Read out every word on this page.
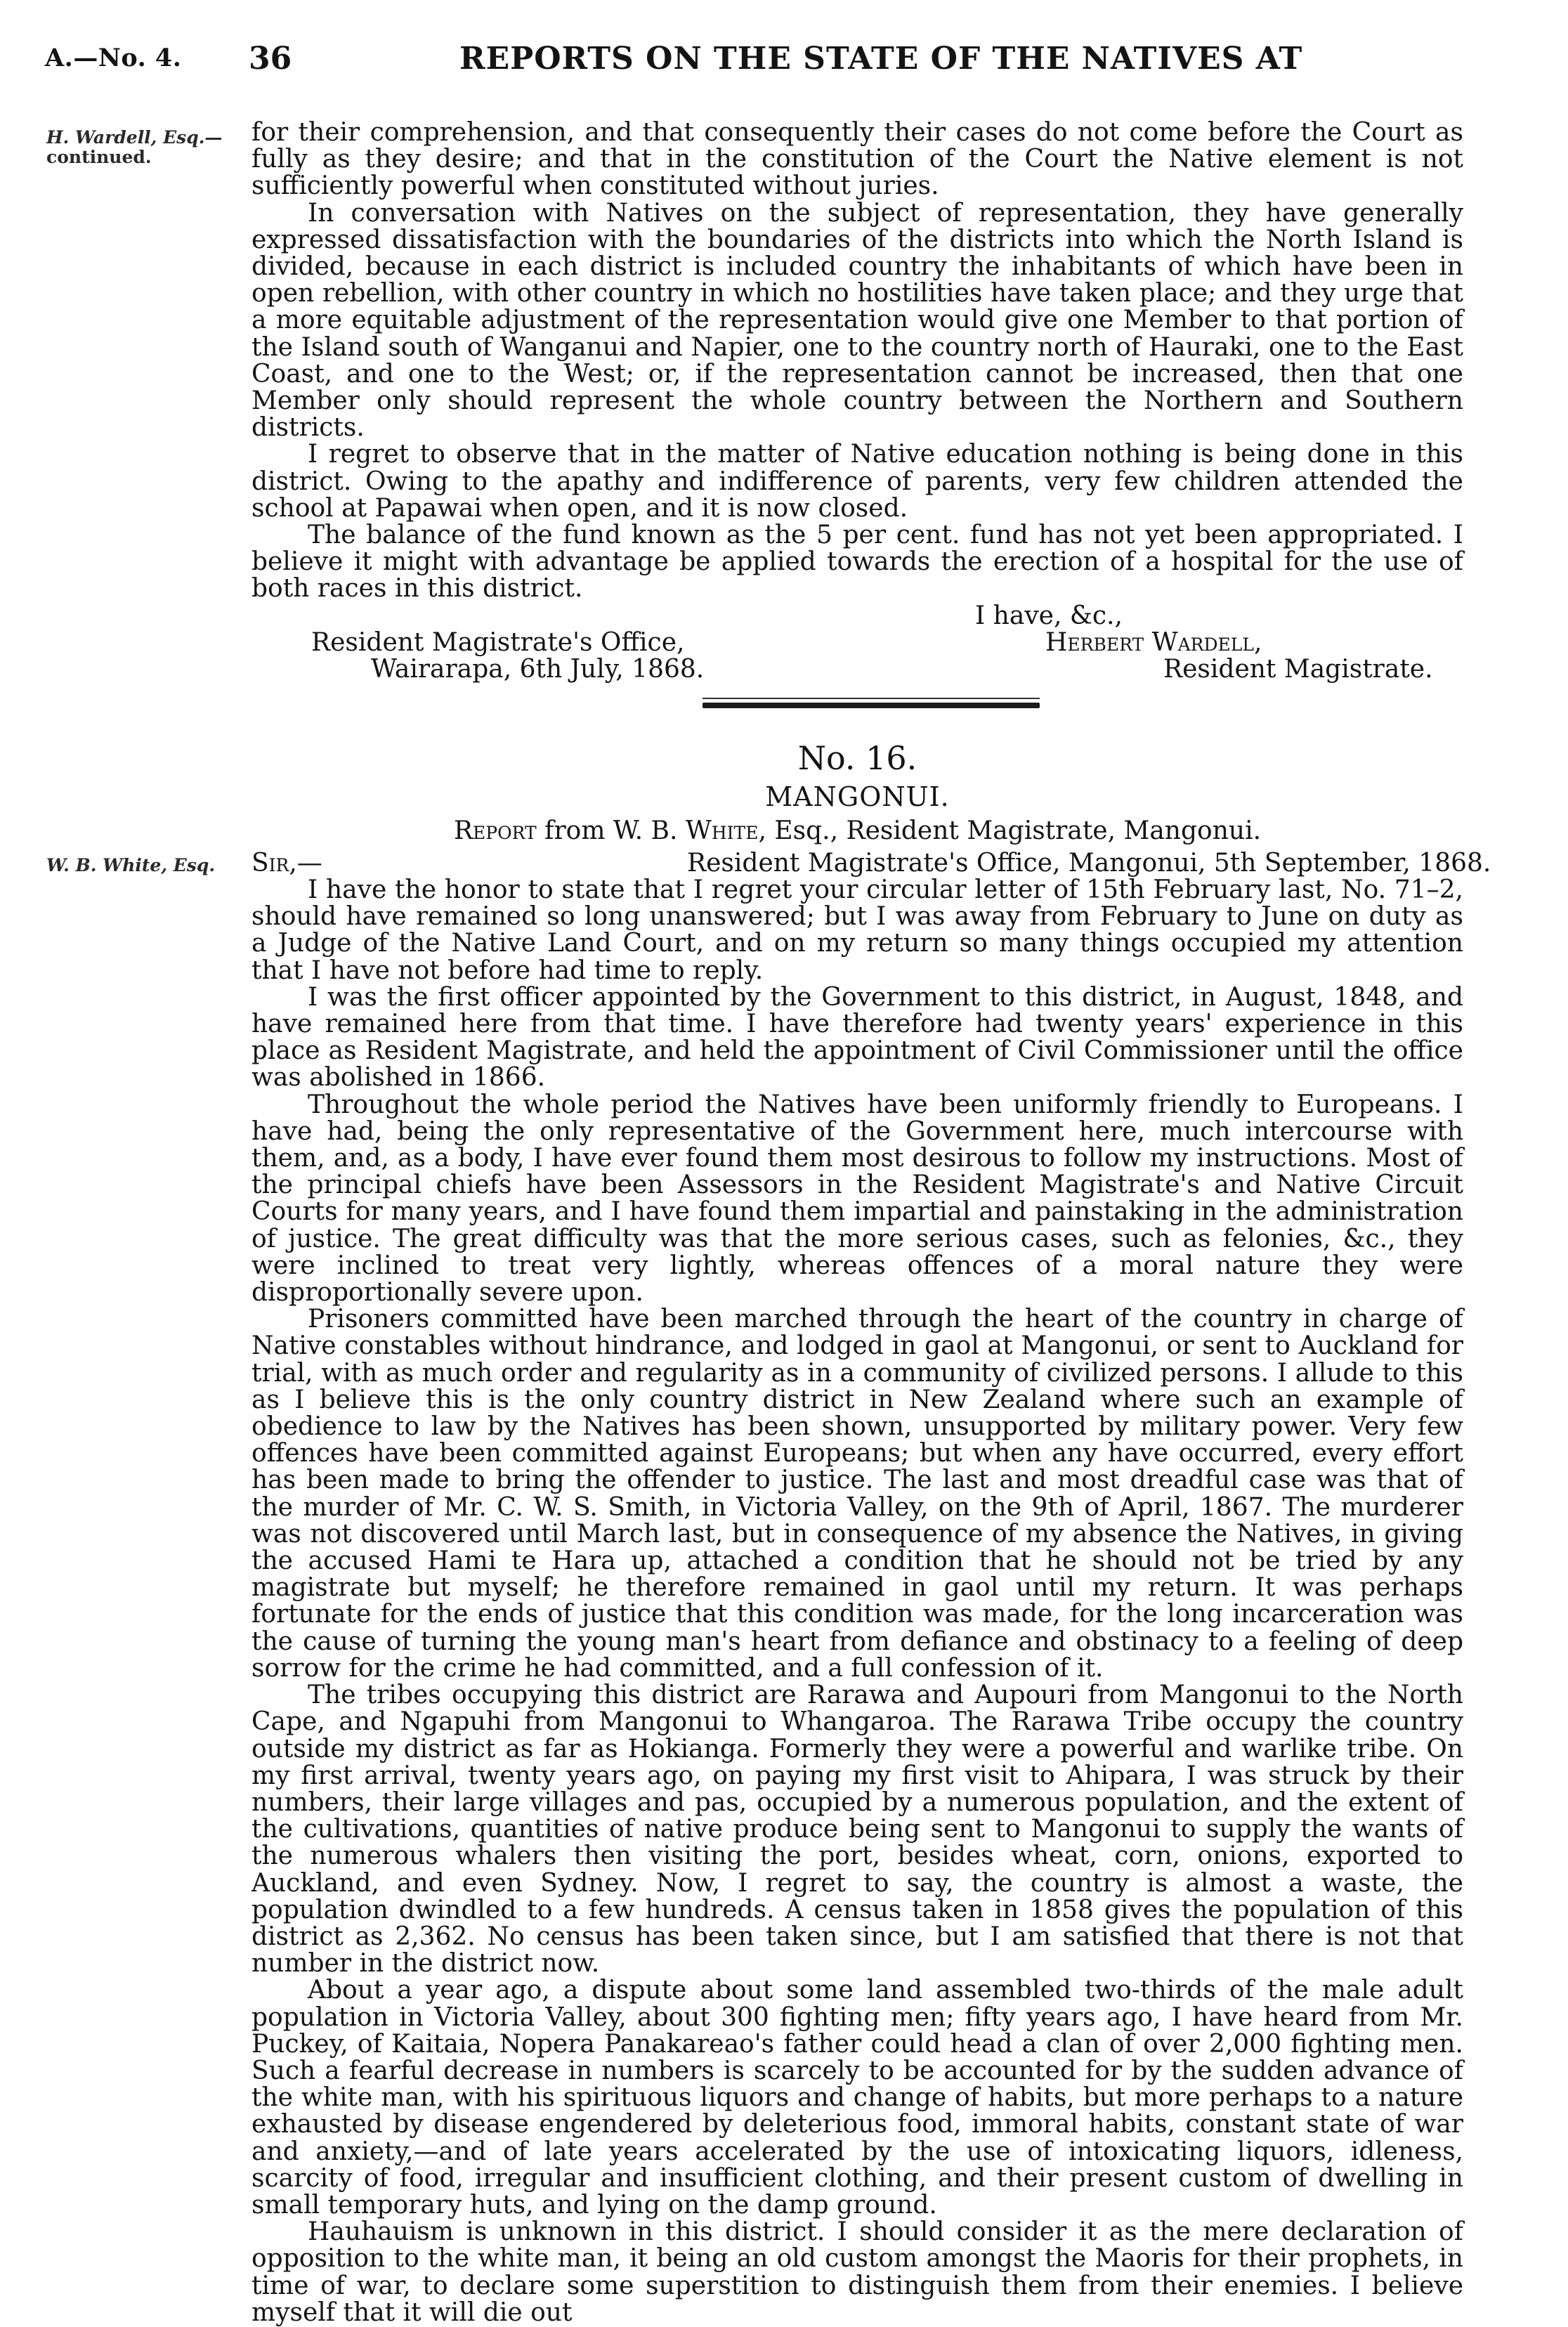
A.—No. 4. 36	REPORTS ON THE STATE OF THE NATIVES AT
H. Wardell, Esq.—
continued.

for their comprehension, and that consequently their cases do not come before the Court as fully as they desire; and that in the constitution of the Court the Native element is not sufficiently powerful when constituted without juries.

In conversation with Natives on the subject of representation, they have generally expressed dissatisfaction with the boundaries of the districts into which the North Island is divided, because in each district is included country the inhabitants of which have been in open rebellion, with other country in which no hostilities have taken place; and they urge that a more equitable adjustment of the representation would give one Member to that portion of the Island south of Wanganui and Napier, one to the country north of Hauraki, one to the East Coast, and one to the West; or, if the representation cannot be increased, then that one Member only should represent the whole country between the Northern and Southern districts.

I regret to observe that in the matter of Native education nothing is being done in this district. Owing to the apathy and indifference of parents, very few children attended the school at Papawai when open, and it is now closed.

The balance of the fund known as the 5 per cent. fund has not yet been appropriated. I believe it might with advantage be applied towards the erection of a hospital for the use of both races in this district.

I have, &c.,
Resident Magistrate's Office,	Herbert Wardell,
Wairarapa, 6th July, 1868.	Resident Magistrate.
No. 16.
MANGONUI.
Report from W. B. White, Esq., Resident Magistrate, Mangonui.
W. B. White, Esq. Sir,—	Resident Magistrate's Office, Mangonui, 5th September, 1868.

I have the honor to state that I regret your circular letter of 15th February last, No. 71–2, should have remained so long unanswered; but I was away from February to June on duty as a Judge of the Native Land Court, and on my return so many things occupied my attention that I have not before had time to reply.

I was the first officer appointed by the Government to this district, in August, 1848, and have remained here from that time. I have therefore had twenty years' experience in this place as Resident Magistrate, and held the appointment of Civil Commissioner until the office was abolished in 1866.

Throughout the whole period the Natives have been uniformly friendly to Europeans. I have had, being the only representative of the Government here, much intercourse with them, and, as a body, I have ever found them most desirous to follow my instructions. Most of the principal chiefs have been Assessors in the Resident Magistrate's and Native Circuit Courts for many years, and I have found them impartial and painstaking in the administration of justice. The great difficulty was that the more serious cases, such as felonies, &c., they were inclined to treat very lightly, whereas offences of a moral nature they were disproportionally severe upon.

Prisoners committed have been marched through the heart of the country in charge of Native constables without hindrance, and lodged in gaol at Mangonui, or sent to Auckland for trial, with as much order and regularity as in a community of civilized persons. I allude to this as I believe this is the only country district in New Zealand where such an example of obedience to law by the Natives has been shown, unsupported by military power. Very few offences have been committed against Europeans; but when any have occurred, every effort has been made to bring the offender to justice. The last and most dreadful case was that of the murder of Mr. C. W. S. Smith, in Victoria Valley, on the 9th of April, 1867. The murderer was not discovered until March last, but in consequence of my absence the Natives, in giving the accused Hami te Hara up, attached a condition that he should not be tried by any magistrate but myself; he therefore remained in gaol until my return. It was perhaps fortunate for the ends of justice that this condition was made, for the long incarceration was the cause of turning the young man's heart from defiance and obstinacy to a feeling of deep sorrow for the crime he had committed, and a full confession of it.

The tribes occupying this district are Rarawa and Aupouri from Mangonui to the North Cape, and Ngapuhi from Mangonui to Whangaroa. The Rarawa Tribe occupy the country outside my district as far as Hokianga. Formerly they were a powerful and warlike tribe. On my first arrival, twenty years ago, on paying my first visit to Ahipara, I was struck by their numbers, their large villages and pas, occupied by a numerous population, and the extent of the cultivations, quantities of native produce being sent to Mangonui to supply the wants of the numerous whalers then visiting the port, besides wheat, corn, onions, exported to Auckland, and even Sydney. Now, I regret to say, the country is almost a waste, the population dwindled to a few hundreds. A census taken in 1858 gives the population of this district as 2,362. No census has been taken since, but I am satisfied that there is not that number in the district now.

About a year ago, a dispute about some land assembled two-thirds of the male adult population in Victoria Valley, about 300 fighting men; fifty years ago, I have heard from Mr. Puckey, of Kaitaia, Nopera Panakareao's father could head a clan of over 2,000 fighting men. Such a fearful decrease in numbers is scarcely to be accounted for by the sudden advance of the white man, with his spirituous liquors and change of habits, but more perhaps to a nature exhausted by disease engendered by deleterious food, immoral habits, constant state of war and anxiety,—and of late years accelerated by the use of intoxicating liquors, idleness, scarcity of food, irregular and insufficient clothing, and their present custom of dwelling in small temporary huts, and lying on the damp ground.

Hauhauism is unknown in this district. I should consider it as the mere declaration of opposition to the white man, it being an old custom amongst the Maoris for their prophets, in time of war, to declare some superstition to distinguish them from their enemies. I believe myself that it will die out
